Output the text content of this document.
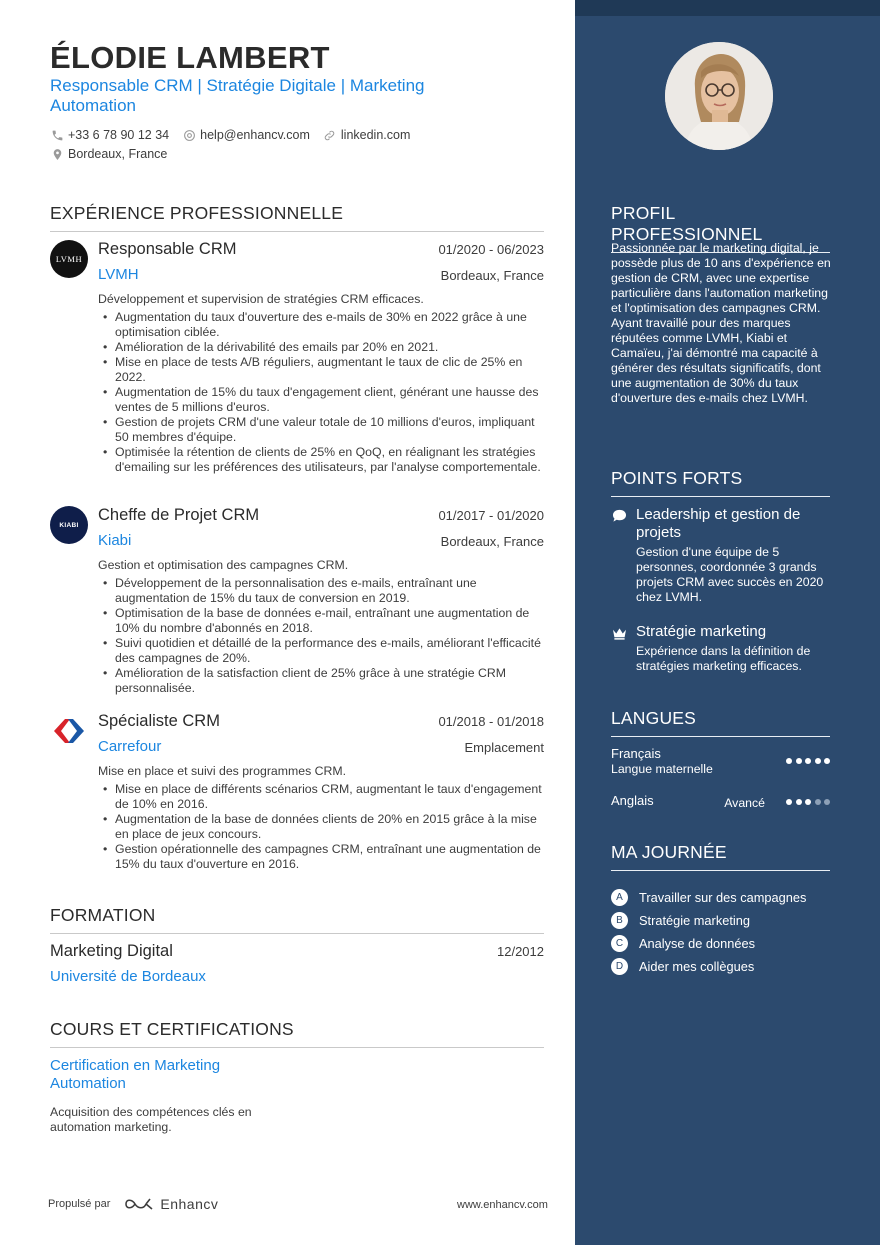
ÉLODIE LAMBERT
Responsable CRM | Stratégie Digitale | Marketing Automation
+33 6 78 90 12 34 help@enhancv.com linkedin.com
Bordeaux, France
EXPÉRIENCE PROFESSIONNELLE
LVMH
Responsable CRM	01/2020 - 06/2023
LVMH	Bordeaux, France
Développement et supervision de stratégies CRM efficaces.
• Augmentation du taux d'ouverture des e-mails de 30% en 2022 grâce à une optimisation ciblée.
• Amélioration de la dérivabilité des emails par 20% en 2021.
• Mise en place de tests A/B réguliers, augmentant le taux de clic de 25% en 2022.
• Augmentation de 15% du taux d'engagement client, générant une hausse des ventes de 5 millions d'euros.
• Gestion de projets CRM d'une valeur totale de 10 millions d'euros, impliquant 50 membres d'équipe.
• Optimisée la rétention de clients de 25% en QoQ, en réalignant les stratégies d'emailing sur les préférences des utilisateurs, par l'analyse comportementale.
KIABI
Cheffe de Projet CRM	01/2017 - 01/2020
Kiabi	Bordeaux, France
Gestion et optimisation des campagnes CRM.
• Développement de la personnalisation des e-mails, entraînant une augmentation de 15% du taux de conversion en 2019.
• Optimisation de la base de données e-mail, entraînant une augmentation de 10% du nombre d'abonnés en 2018.
• Suivi quotidien et détaillé de la performance des e-mails, améliorant l'efficacité des campagnes de 20%.
• Amélioration de la satisfaction client de 25% grâce à une stratégie CRM personnalisée.
Spécialiste CRM	01/2018 - 01/2018
Carrefour	Emplacement
Mise en place et suivi des programmes CRM.
• Mise en place de différents scénarios CRM, augmentant le taux d'engagement de 10% en 2016.
• Augmentation de la base de données clients de 20% en 2015 grâce à la mise en place de jeux concours.
• Gestion opérationnelle des campagnes CRM, entraînant une augmentation de 15% du taux d'ouverture en 2016.
FORMATION
Marketing Digital	12/2012
Université de Bordeaux
COURS ET CERTIFICATIONS
Certification en Marketing Automation
Acquisition des compétences clés en automation marketing.
Propulsé par	Enhancv	www.enhancv.com
PROFIL PROFESSIONNEL
Passionnée par le marketing digital, je possède plus de 10 ans d'expérience en gestion de CRM, avec une expertise particulière dans l'automation marketing et l'optimisation des campagnes CRM. Ayant travaillé pour des marques réputées comme LVMH, Kiabi et Camaïeu, j'ai démontré ma capacité à générer des résultats significatifs, dont une augmentation de 30% du taux d'ouverture des e-mails chez LVMH.
POINTS FORTS
Leadership et gestion de projets
Gestion d'une équipe de 5 personnes, coordonnée 3 grands projets CRM avec succès en 2020 chez LVMH.
Stratégie marketing
Expérience dans la définition de stratégies marketing efficaces.
LANGUES
Français
Langue maternelle
Anglais	Avancé
MA JOURNÉE
A	Travailler sur des campagnes
B	Stratégie marketing
C	Analyse de données
D	Aider mes collègues
